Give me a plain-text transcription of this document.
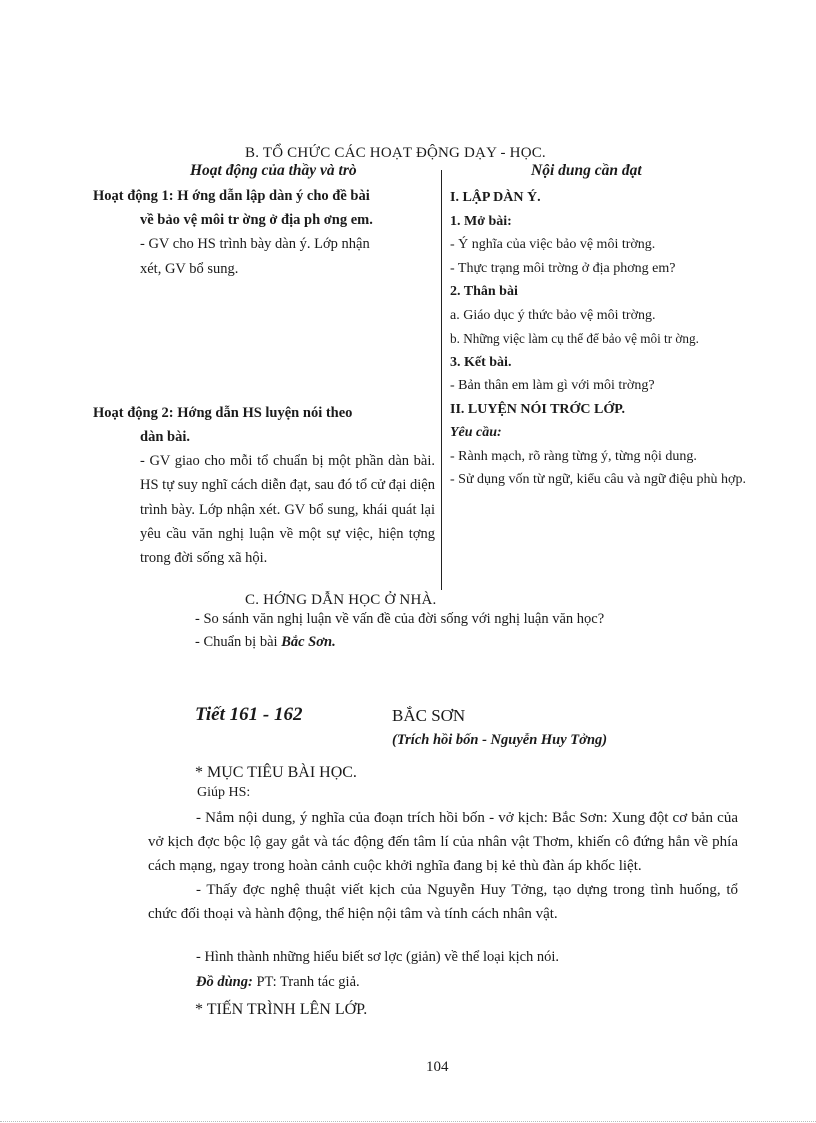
B. TỔ CHỨC CÁC HOẠT ĐỘNG DẠY - HỌC.
Hoạt động của thầy và trò	Nội dung cần đạt
Hoạt động 1: H ớng dẫn lập dàn ý cho đề bài
về bảo vệ môi tr ờng ở địa ph ơng em.
- GV cho HS trình bày dàn ý. Lớp nhận
xét, GV bổ sung.
Hoạt động 2: Hớng dẫn HS luyện nói theo
dàn bài.
- GV giao cho mỗi tổ chuẩn bị một phần dàn bài. HS tự suy nghĩ cách diễn đạt, sau đó tổ cử đại diện trình bày. Lớp nhận xét. GV bổ sung, khái quát lại yêu cầu văn nghị luận về một sự việc, hiện tợng trong đời sống xã hội.
I. LẬP DÀN Ý.
1. Mở bài:
- Ý nghĩa của việc bảo vệ môi trờng.
- Thực trạng môi trờng ở địa phơng em?
2. Thân bài
a. Giáo dục ý thức bảo vệ môi trờng.
b. Những việc làm cụ thể để bảo vệ môi tr ờng.
3. Kết bài.
- Bản thân em làm gì với môi trờng?
II. LUYỆN NÓI TRỚC LỚP.
Yêu cầu:
- Rành mạch, rõ ràng từng ý, từng nội dung.
- Sử dụng vốn từ ngữ, kiểu câu và ngữ điệu phù hợp.
C. HỚNG DẪN HỌC Ở NHÀ.
- So sánh văn nghị luận về vấn đề của đời sống với nghị luận văn học?
- Chuẩn bị bài Bắc Sơn.
Tiết 161 - 162	BẮC SƠN
(Trích hồi bốn - Nguyễn Huy Tởng)
* MỤC TIÊU BÀI HỌC.
Giúp HS:

- Nắm nội dung, ý nghĩa của đoạn trích hồi bốn - vở kịch: Bắc Sơn: Xung đột cơ bản của vở kịch đợc bộc lộ gay gắt và tác động đến tâm lí của nhân vật Thơm, khiến cô đứng hẳn về phía cách mạng, ngay trong hoàn cảnh cuộc khởi nghĩa đang bị kẻ thù đàn áp khốc liệt.

- Thấy đợc nghệ thuật viết kịch của Nguyễn Huy Tởng, tạo dựng trong tình huống, tổ chức đối thoại và hành động, thể hiện nội tâm và tính cách nhân vật.

- Hình thành những hiểu biết sơ lợc (giản) về thể loại kịch nói.
Đồ dùng: PT: Tranh tác giả.
* TIẾN TRÌNH LÊN LỚP.
104
